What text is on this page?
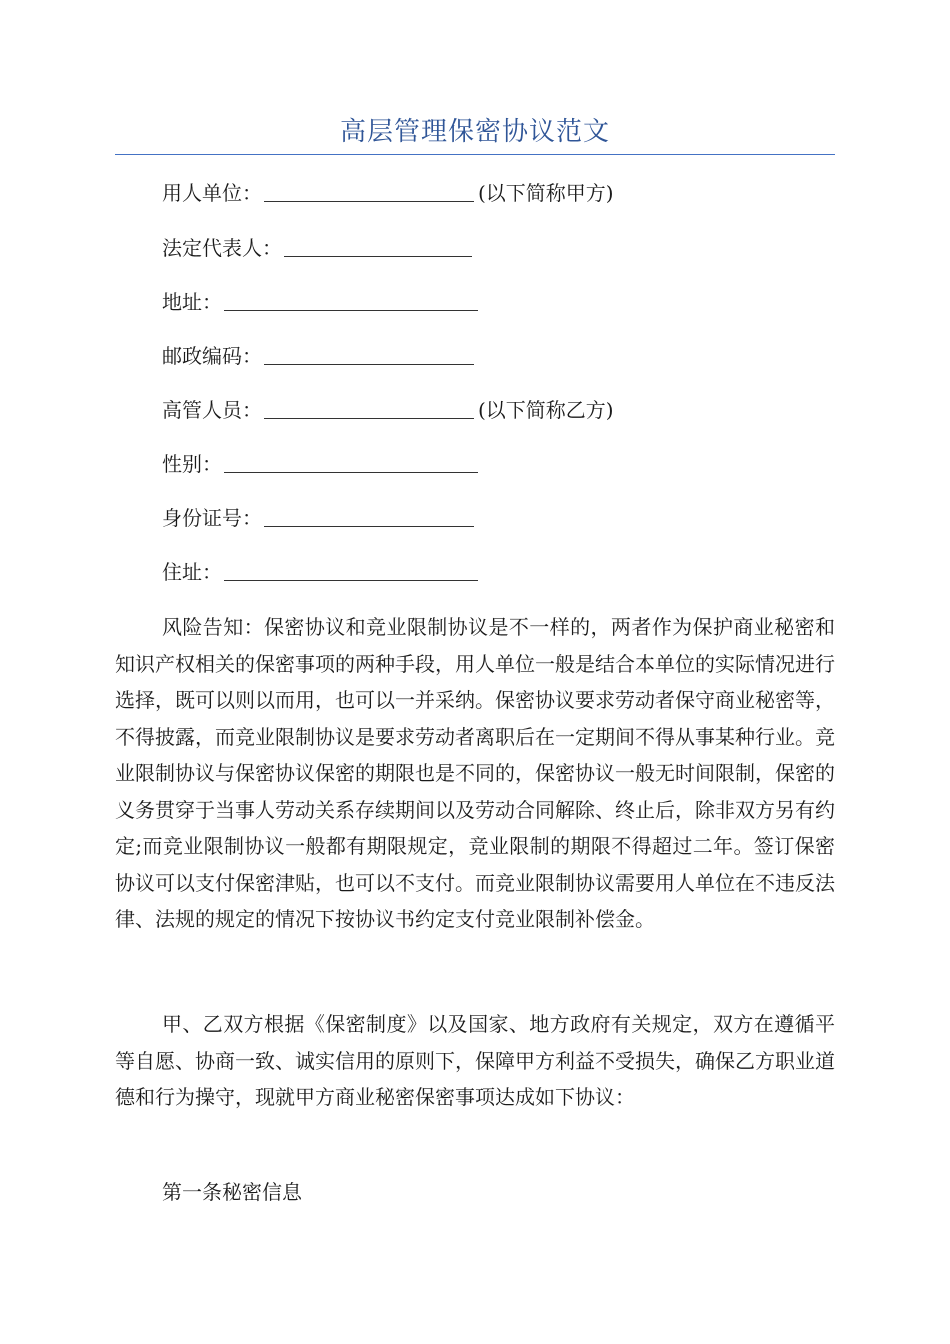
高层管理保密协议范文
用人单位：	(以下简称甲方)
法定代表人：
地址：
邮政编码：
高管人员：	(以下简称乙方)
性别：
身份证号：
住址：

风险告知：保密协议和竞业限制协议是不一样的，两者作为保护商业秘密和知识产权相关的保密事项的两种手段，用人单位一般是结合本单位的实际情况进行选择，既可以则以而用，也可以一并采纳。保密协议要求劳动者保守商业秘密等，不得披露，而竞业限制协议是要求劳动者离职后在一定期间不得从事某种行业。竞业限制协议与保密协议保密的期限也是不同的，保密协议一般无时间限制，保密的义务贯穿于当事人劳动关系存续期间以及劳动合同解除、终止后，除非双方另有约定;而竞业限制协议一般都有期限规定，竞业限制的期限不得超过二年。签订保密协议可以支付保密津贴，也可以不支付。而竞业限制协议需要用人单位在不违反法律、法规的规定的情况下按协议书约定支付竞业限制补偿金。

甲、乙双方根据《保密制度》以及国家、地方政府有关规定，双方在遵循平等自愿、协商一致、诚实信用的原则下，保障甲方利益不受损失，确保乙方职业道德和行为操守，现就甲方商业秘密保密事项达成如下协议：

第一条秘密信息
